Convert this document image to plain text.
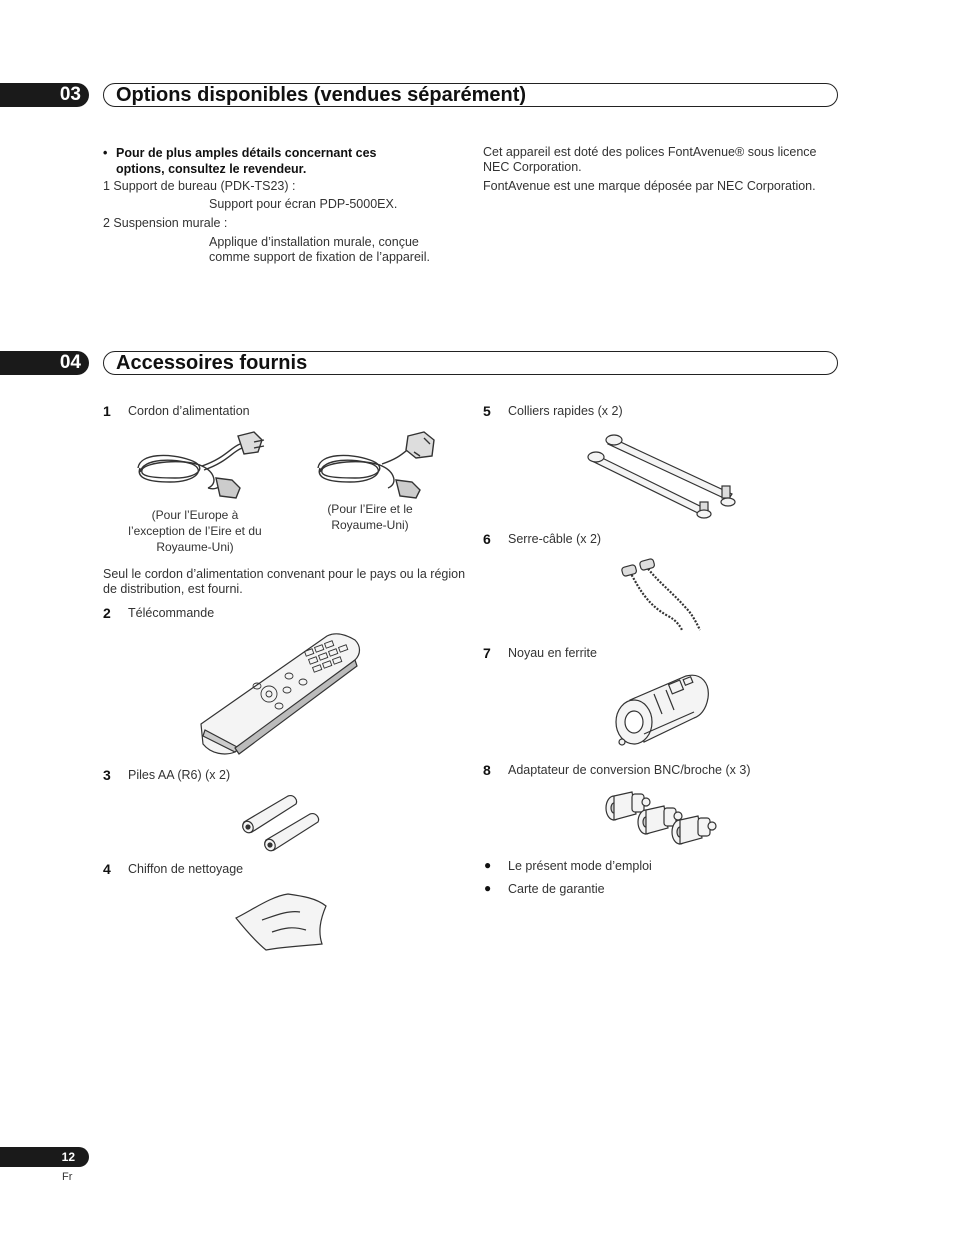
03	Options disponibles (vendues séparément)
• Pour de plus amples détails concernant ces
options, consultez le revendeur.
1 Support de bureau (PDK-TS23) :
Support pour écran PDP-5000EX.
2 Suspension murale :
Applique d’installation murale, conçue
comme support de fixation de l’appareil.
Cet appareil est doté des polices FontAvenue® sous licence
NEC Corporation.
FontAvenue est une marque déposée par NEC Corporation.
04	Accessoires fournis
1 Cordon d’alimentation
(Pour l’Europe à
l’exception de l’Eire et du
Royaume-Uni)
(Pour l’Eire et le
Royaume-Uni)
Seul le cordon d’alimentation convenant pour le pays ou la région
de distribution, est fourni.
2 Télécommande
3 Piles AA (R6) (x 2)
4 Chiffon de nettoyage
5 Colliers rapides (x 2)
6 Serre-câble (x 2)
7 Noyau en ferrite
8 Adaptateur de conversion BNC/broche (x 3)
● Le présent mode d’emploi
● Carte de garantie
12
Fr
